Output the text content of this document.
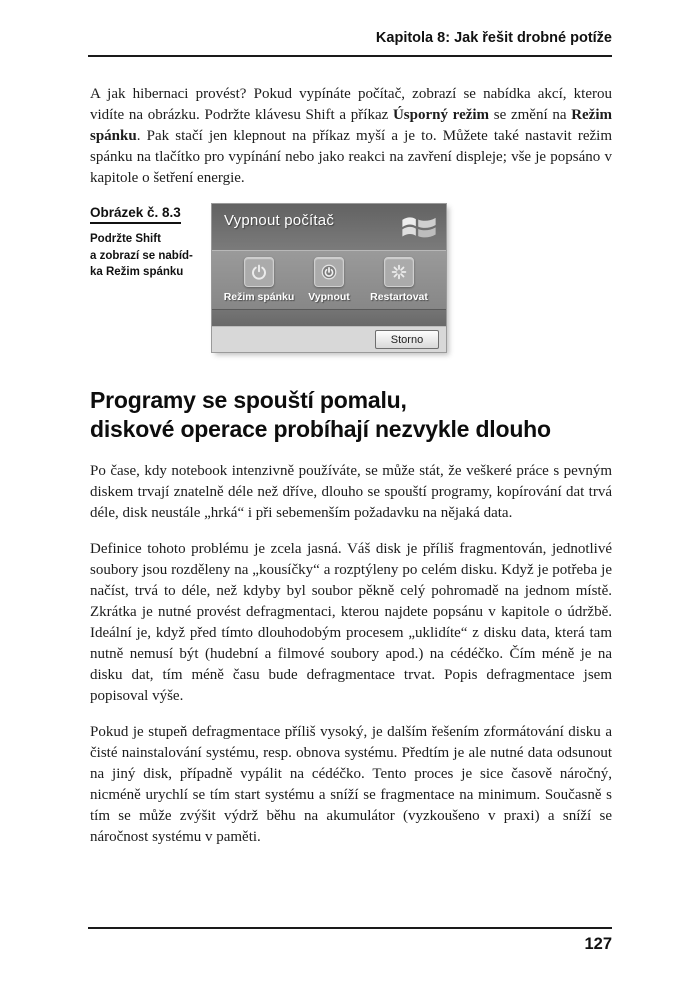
Kapitola 8: Jak řešit drobné potíže

A jak hibernaci provést? Pokud vypínáte počítač, zobrazí se nabídka akcí, kterou vidíte na obrázku. Podržte klávesu Shift a příkaz Úsporný režim se změní na Režim spánku. Pak stačí jen klepnout na příkaz myší a je to. Můžete také nastavit režim spánku na tlačítko pro vypínání nebo jako reakci na zavření displeje; vše je popsáno v kapitole o šetření energie.

Obrázek č. 8.3
Podržte Shift
a zobrazí se nabíd-
ka Režim spánku
Vypnout počítač
Režim spánku Vypnout Restartovat
Storno
Programy se spouští pomalu,
diskové operace probíhají nezvykle dlouho

Po čase, kdy notebook intenzivně používáte, se může stát, že veškeré práce s pevným diskem trvají znatelně déle než dříve, dlouho se spouští programy, kopírování dat trvá déle, disk neustále „hrká“ i při sebemenším požadavku na nějaká data.

Definice tohoto problému je zcela jasná. Váš disk je příliš fragmentován, jednotlivé soubory jsou rozděleny na „kousíčky“ a rozptýleny po celém disku. Když je potřeba je načíst, trvá to déle, než kdyby byl soubor pěkně celý pohromadě na jednom místě. Zkrátka je nutné provést defragmentaci, kterou najdete popsánu v kapitole o údržbě. Ideální je, když před tímto dlouhodobým procesem „uklidíte“ z disku data, která tam nutně nemusí být (hudební a filmové soubory apod.) na cédéčko. Čím méně je na disku dat, tím méně času bude defragmentace trvat. Popis defragmentace jsem popisoval výše.

Pokud je stupeň defragmentace příliš vysoký, je dalším řešením zformátování disku a čisté nainstalování systému, resp. obnova systému. Předtím je ale nutné data odsunout na jiný disk, případně vypálit na cédéčko. Tento proces je sice časově náročný, nicméně urychlí se tím start systému a sníží se fragmentace na minimum. Současně s tím se může zvýšit výdrž běhu na akumulátor (vyzkoušeno v praxi) a sníží se náročnost systému v paměti.

127
